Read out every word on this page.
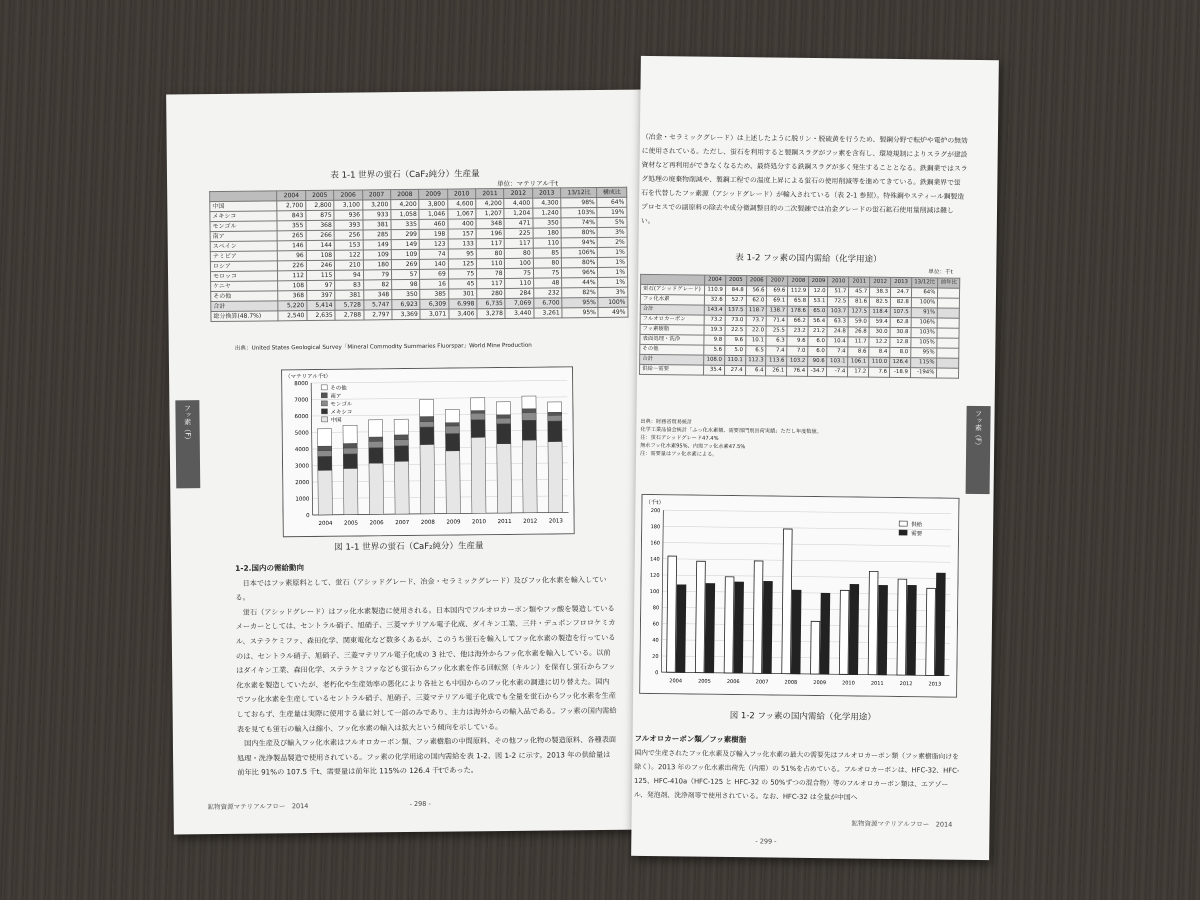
表 1-1 世界の蛍石（CaF₂純分）生産量

単位：マテリアル千t
	2004	2005	2006	2007	2008	2009	2010	2011	2012	2013	13/12比	構成比
中国	2,700	2,800	3,100	3,200	4,200	3,800	4,600	4,200	4,400	4,300	98%	64%
メキシコ	843	875	936	933	1,058	1,046	1,067	1,207	1,204	1,240	103%	19%
モンゴル	355	368	393	381	335	460	400	348	471	350	74%	5%
南ア	265	266	256	285	299	198	157	196	225	180	80%	3%
スペイン	146	144	153	149	149	123	133	117	117	110	94%	2%
ナミビア	96	108	122	109	109	74	95	80	80	85	106%	1%
ロシア	226	246	210	180	269	140	125	110	100	80	80%	1%
モロッコ	112	115	94	79	57	69	75	78	75	75	96%	1%
ケニヤ	108	97	83	82	98	16	45	117	110	48	44%	1%
その他	368	397	381	348	350	385	301	280	284	232	82%	3%
合計	5,220	5,414	5,728	5,747	6,923	6,309	6,998	6,735	7,069	6,700	95%	100%
総分換算(48.7%)	2,540	2,635	2,788	2,797	3,369	3,071	3,406	3,278	3,440	3,261	95%	49%
出典：United States Geological Survey「Mineral Commodity Summaries Fluorspar」World Mine Production
（マテリアル千t）
0
1000
2000
3000
4000
5000
6000
7000
8000
2004 2005 2006 2007 2008 2009 2010 2011 2012 2013
その他
南ア
モンゴル
メキシコ
中国

図 1-1 世界の蛍石（CaF₂純分）生産量

1-2.国内の需給動向

日本ではフッ素原料として、蛍石（アシッドグレード、冶金・セラミックグレード）及びフッ化水素を輸入している。

蛍石（アシッドグレード）はフッ化水素製造に使用される。日本国内でフルオロカーボン類やフッ酸を製造しているメーカーとしては、セントラル硝子、旭硝子、三菱マテリアル電子化成、ダイキン工業、三井・デュポンフロロケミカル、ステラケミファ、森田化学、関東電化など数多くあるが、このうち蛍石を輸入してフッ化水素の製造を行っているのは、セントラル硝子、旭硝子、三菱マテリアル電子化成の 3 社で、他は海外からフッ化水素を輸入している。以前はダイキン工業、森田化学、ステラケミファなども蛍石からフッ化水素を作る回転窯（キルン）を保有し蛍石からフッ化水素を製造していたが、老朽化や生産効率の悪化により各社とも中国からのフッ化水素の調達に切り替えた。国内でフッ化水素を生産しているセントラル硝子、旭硝子、三菱マテリアル電子化成でも全量を蛍石からフッ化水素を生産しておらず、生産量は実際に使用する量に対して一部のみであり、主力は海外からの輸入品である。フッ素の国内需給表を見ても蛍石の輸入は縮小、フッ化水素の輸入は拡大という傾向を示している。

国内生産及び輸入フッ化水素はフルオロカーボン類、フッ素樹脂の中間原料、その他フッ化物の製造原料、各種表面処理・洗浄製品製造で使用されている。フッ素の化学用途の国内需給を表 1-2、図 1-2 に示す。2013 年の供給量は前年比 91%の 107.5 千t、需要量は前年比 115%の 126.4 千tであった。

フッ素（F）
鉱物資源マテリアルフロー　2014	- 298 -
（冶金・セラミックグレード）は上述したように脱リン・脱硫黄を行うため、製鋼分野で転炉や電炉の無効に使用されている。ただし、蛍石を利用すると製鋼スラグがフッ素を含有し、環境規制によりスラグが建設資材など再利用ができなくなるため、最終処分する鉄鋼スラグが多く発生することとなる。鉄鋼業ではスラグ処理の廃棄物削減や、製鋼工程での温度上昇による蛍石の使用削減等を進めてきている。鉄鋼業界で蛍石を代替したフッ素源（アシッドグレード）が輸入されている（表 2-1 参照）。特殊鋼やスティール鋼製造プロセスでの副原料の除去や成分微調整目的の二次製錬では冶金グレードの蛍石鉱石使用量削減は難しい。

表 1-2 フッ素の国内需給（化学用途）

単位：千t
	2004	2005	2006	2007	2008	2009	2010	2011	2012	2013	13/12比	前年比
蛍石(アシッドグレード)	110.9	84.8	56.6	69.6	112.9	12.0	51.7	45.7	38.3	24.7	64%	
フッ化水素	32.6	52.7	62.0	69.1	65.8	53.1	72.5	81.6	82.5	82.8	100%	
合計	143.4	137.5	118.7	138.7	178.6	65.0	103.7	127.5	118.4	107.5	91%	
フルオロカーボン	73.2	73.0	73.7	71.4	66.2	56.4	63.3	59.0	59.4	62.8	106%	
フッ素樹脂	19.3	22.5	22.0	25.5	23.2	21.2	24.8	26.8	30.0	30.8	103%	
表面処理・洗浄	9.8	9.6	10.1	6.3	9.6	6.0	10.4	11.7	12.2	12.8	105%	
その他	5.6	5.0	6.5	7.4	7.0	6.0	7.4	8.6	8.4	8.0	95%	
合計	108.0	110.1	112.3	113.6	103.2	90.6	103.1	106.1	110.0	126.4	115%	
供給－需要	35.4	27.4	6.4	26.1	76.4	-34.7	-7.4	17.2	7.6	-18.9	-194%	
出典：財務省貿易統計
化学工業品協会統計「ふっ化水素類、需要部門別出荷実績」ただし年度数値。
注：蛍石アシッドグレード47.4%
無水フッ化水素95%、内需フッ化水素47.5%
注：需要量はフッ化水素による。
（千t）
0
20
40
60
80
100
120
140
160
180
200
2004	2005	2006	2007	2008	2009	2010	2011	2012	2013
供給
需要

図 1-2 フッ素の国内需給（化学用途）

フルオロカーボン類／フッ素樹脂

国内で生産されたフッ化水素及び輸入フッ化水素の最大の需要先はフルオロカーボン類（フッ素樹脂向けを除く）。2013 年のフッ化水素出荷先（内需）の 51%を占めている。フルオロカーボンは、HFC-32、HFC-125、HFC-410a（HFC-125 と HFC-32 の 50%ずつの混合物）等のフルオロカーボン類は、エアゾール、発泡剤、洗浄剤等で使用されている。なお、HFC-32 は全量が中国へ

フッ素（F）
- 299 -
鉱物資源マテリアルフロー　2014
